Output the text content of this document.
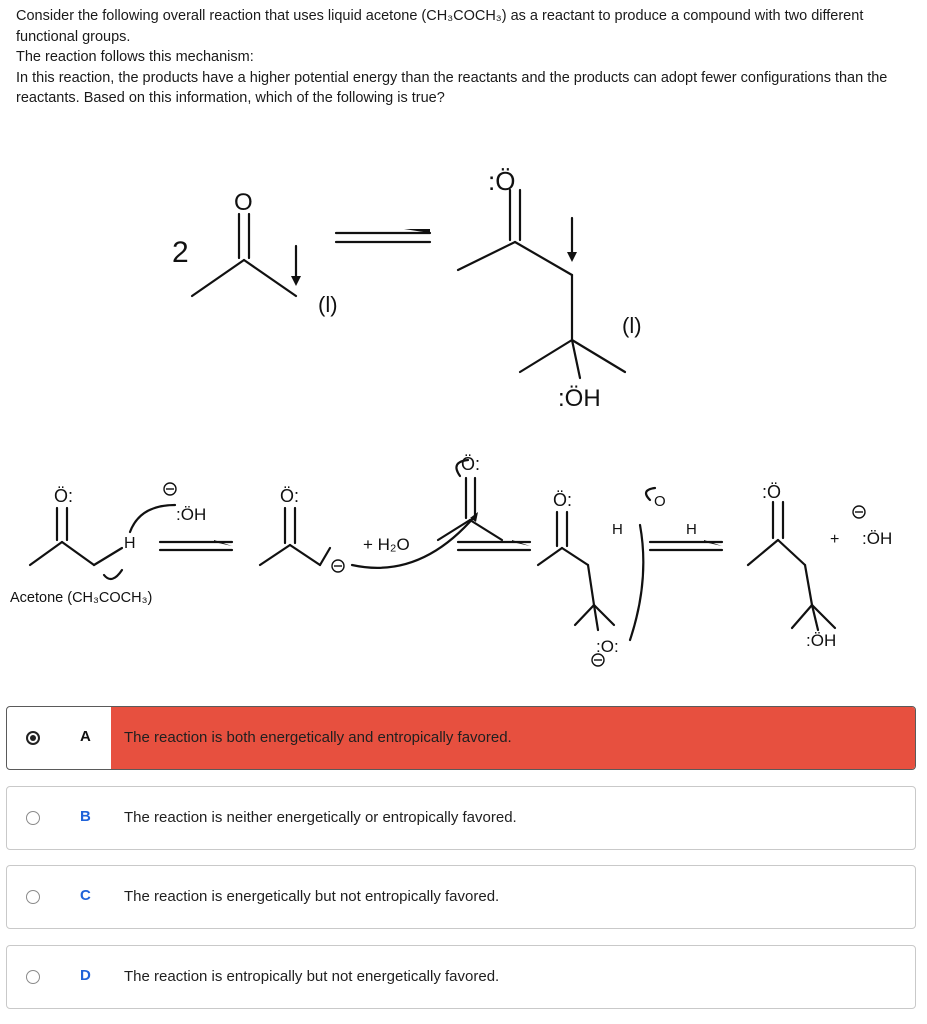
Consider the following overall reaction that uses liquid acetone (CH₃COCH₃) as a reactant to produce a compound with two different functional groups.

The reaction follows this mechanism:

In this reaction, the products have a higher potential energy than the reactants and the products can adopt fewer configurations than the reactants. Based on this information, which of the following is true?

2
O
(l)
(l)
:Ö
:ÖH
Ö:
:ÖH
H
Acetone (CH₃COCH₃)
Ö:
+ H₂O
Ö:
Ö:
H
O
H
:O:
:Ö
+ :ÖH
:ÖH
A The reaction is both energetically and entropically favored.
B The reaction is neither energetically or entropically favored.
C The reaction is energetically but not entropically favored.
D The reaction is entropically but not energetically favored.
